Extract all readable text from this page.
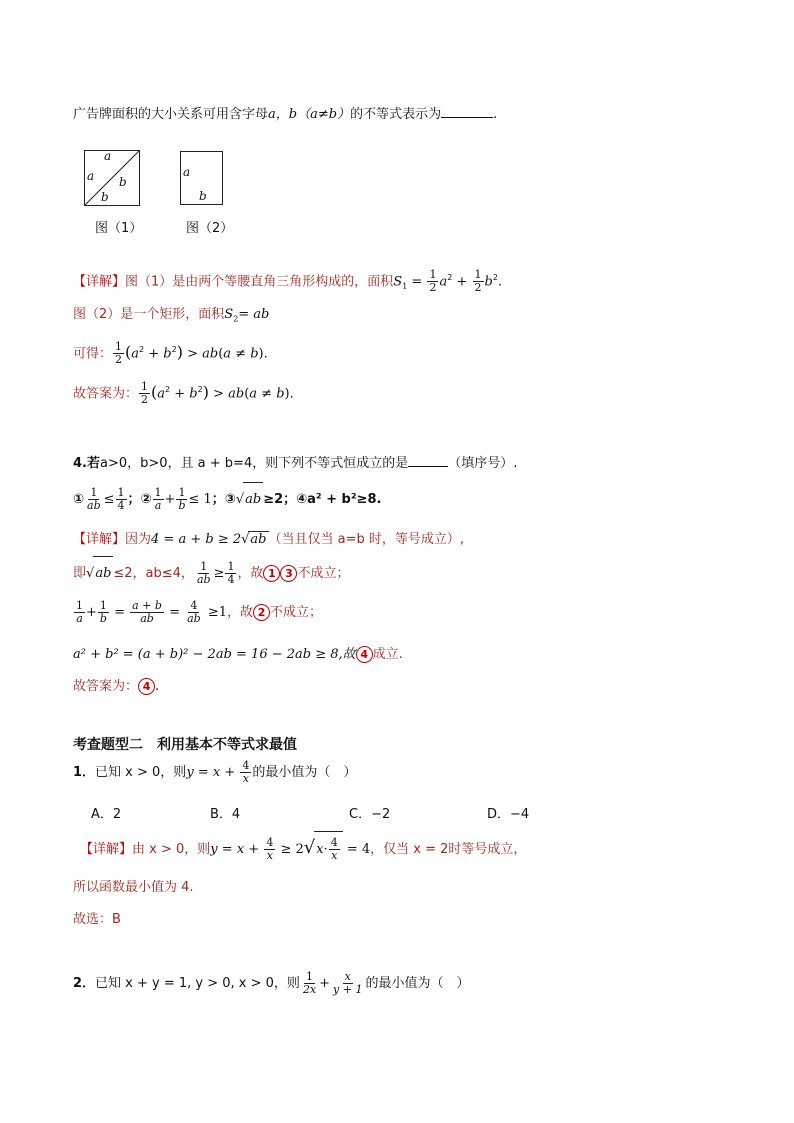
广告牌面积的大小关系可用含字母a，b（a≠b）的不等式表示为	.
a
a b
b
图（1）
a
b
图（2）
【详解】图（1）是由两个等腰直角三角形构成的，面积$S_1 = \frac{1}{2} a^2 + \frac{1}{2} b^2$.
图（2）是一个矩形，面积$S_2=$ ab
可得： $\frac{1}{2} (a^2 + b^2) > ab(a \ne b)$.
故答案为： $\frac{1}{2} (a^2 + b^2) > ab(a \ne b)$.
4.若a>0，b>0，且 a + b=4，则下列不等式恒成立的是	（填序号）.
① $\frac{1}{ab} \le \frac{1}{4}$ ；② $\frac{1}{a} + \frac{1}{b} \le 1$；③√ab ≥2；④a² + b²≥8.
【详解】因为4 = a + b ≥ 2√ab （当且仅当 a=b 时，等号成立）,
即√ab ≤2，ab≤4， $\frac{1}{ab} \ge \frac{1}{4}$ ，故 1 3 不成立；
$\frac{1}{a} + \frac{1}{b} = \frac{a + b}{ab} = \frac{4}{ab} \ge 1$，故 2 不成立；
a² + b² = (a + b)² − 2ab = 16 − 2ab ≥ 8,故 4 成立.
故答案为： 4 .
考查题型二　利用基本不等式求最值
1．已知 x > 0，则$y = x + \frac{4}{x}$ 的最小值为（　）
A．2	B．4	C．−2	D．−4
【详解】由 x > 0，则$y = x + \frac{4}{x} \ge 2√x\cdot \frac{4}{x} = 4$，仅当 x = 2时等号成立，
所以函数最小值为 4.
故选：B
2．已知 x + y = 1, y > 0, x > 0，则 $\frac{1}{2x} + \frac{x}{y + 1}$ 的最小值为（　）
